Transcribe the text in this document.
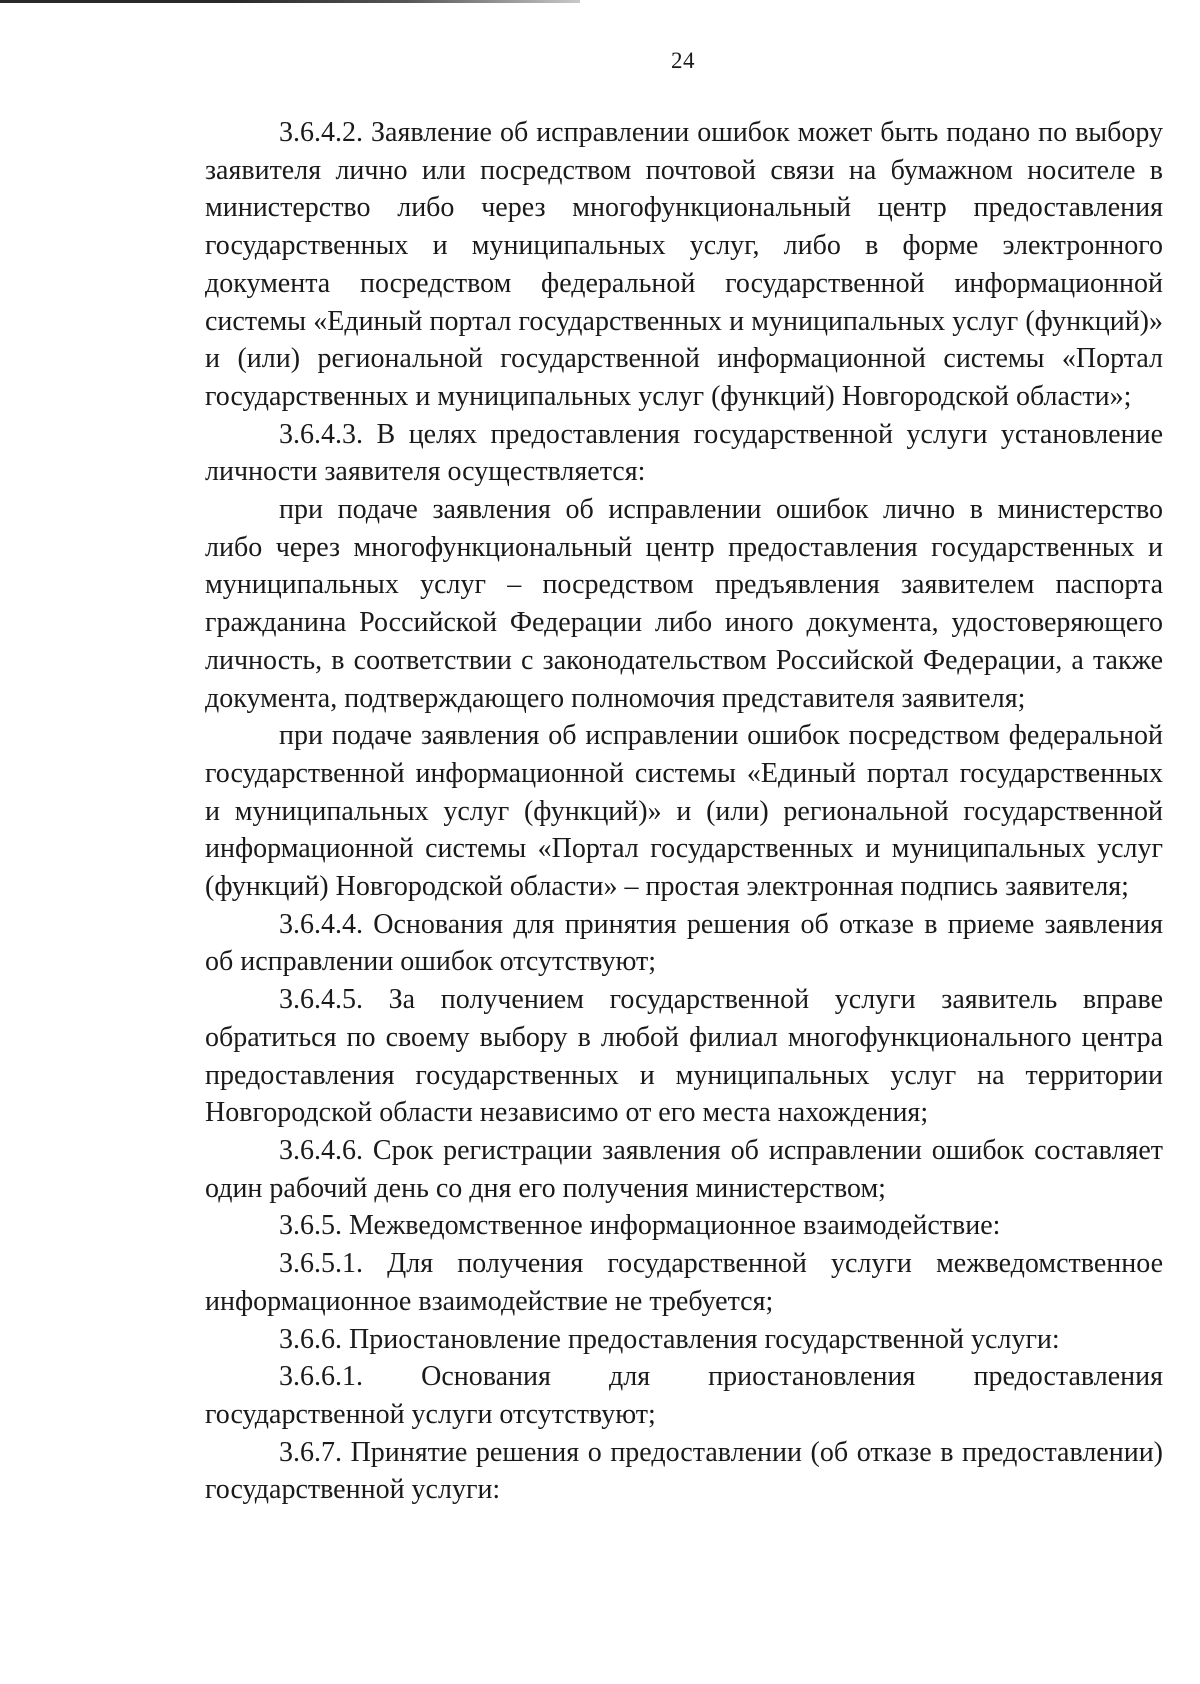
24

3.6.4.2. Заявление об исправлении ошибок может быть подано по выбору заявителя лично или посредством почтовой связи на бумажном носителе в министерство либо через многофункциональный центр предоставления государственных и муниципальных услуг, либо в форме электронного документа посредством федеральной государственной информационной системы «Единый портал государственных и муниципальных услуг (функций)» и (или) региональной государственной информационной системы «Портал государственных и муниципальных услуг (функций) Новгородской области»;

3.6.4.3. В целях предоставления государственной услуги установление личности заявителя осуществляется:

при подаче заявления об исправлении ошибок лично в министерство либо через многофункциональный центр предоставления государственных и муниципальных услуг – посредством предъявления заявителем паспорта гражданина Российской Федерации либо иного документа, удостоверяющего личность, в соответствии с законодательством Российской Федерации, а также документа, подтверждающего полномочия представителя заявителя;

при подаче заявления об исправлении ошибок посредством федеральной государственной информационной системы «Единый портал государственных и муниципальных услуг (функций)» и (или) региональной государственной информационной системы «Портал государственных и муниципальных услуг (функций) Новгородской области» – простая электронная подпись заявителя;

3.6.4.4. Основания для принятия решения об отказе в приеме заявления об исправлении ошибок отсутствуют;

3.6.4.5. За получением государственной услуги заявитель вправе обратиться по своему выбору в любой филиал многофункционального центра предоставления государственных и муниципальных услуг на территории Новгородской области независимо от его места нахождения;

3.6.4.6. Срок регистрации заявления об исправлении ошибок составляет один рабочий день со дня его получения министерством;

3.6.5. Межведомственное информационное взаимодействие:

3.6.5.1. Для получения государственной услуги межведомственное информационное взаимодействие не требуется;

3.6.6. Приостановление предоставления государственной услуги:

3.6.6.1. Основания для приостановления предоставления государственной услуги отсутствуют;

3.6.7. Принятие решения о предоставлении (об отказе в предоставлении) государственной услуги:
